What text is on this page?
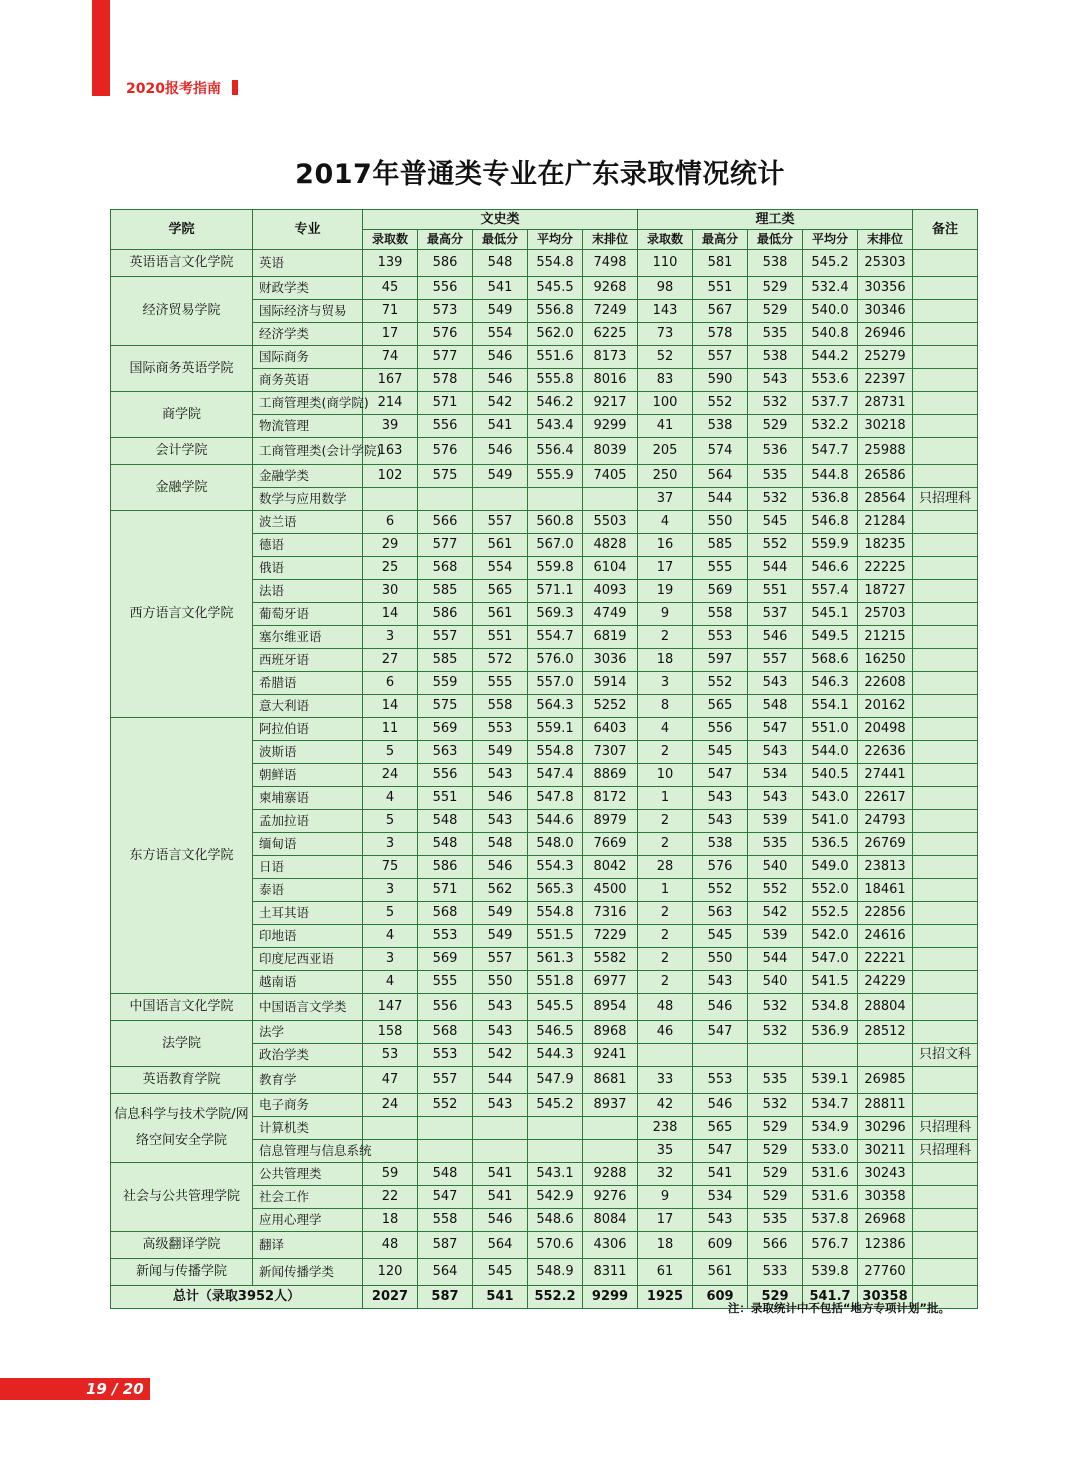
2020报考指南
2017年普通类专业在广东录取情况统计
学院	专业	文史类					理工类					备注
		录取数	最高分	最低分	平均分	末排位	录取数	最高分	最低分	平均分	末排位	
英语语言文化学院	英语	139	586	548	554.8	7498	110	581	538	545.2	25303	
经济贸易学院	财政学类	45	556	541	545.5	9268	98	551	529	532.4	30356	
	国际经济与贸易	71	573	549	556.8	7249	143	567	529	540.0	30346	
	经济学类	17	576	554	562.0	6225	73	578	535	540.8	26946	
国际商务英语学院	国际商务	74	577	546	551.6	8173	52	557	538	544.2	25279	
	商务英语	167	578	546	555.8	8016	83	590	543	553.6	22397	
商学院	工商管理类(商学院)	214	571	542	546.2	9217	100	552	532	537.7	28731	
	物流管理	39	556	541	543.4	9299	41	538	529	532.2	30218	
会计学院	工商管理类(会计学院)	163	576	546	556.4	8039	205	574	536	547.7	25988	
金融学院	金融学类	102	575	549	555.9	7405	250	564	535	544.8	26586	
	数学与应用数学						37	544	532	536.8	28564	只招理科
西方语言文化学院	波兰语	6	566	557	560.8	5503	4	550	545	546.8	21284	
	德语	29	577	561	567.0	4828	16	585	552	559.9	18235	
	俄语	25	568	554	559.8	6104	17	555	544	546.6	22225	
	法语	30	585	565	571.1	4093	19	569	551	557.4	18727	
	葡萄牙语	14	586	561	569.3	4749	9	558	537	545.1	25703	
	塞尔维亚语	3	557	551	554.7	6819	2	553	546	549.5	21215	
	西班牙语	27	585	572	576.0	3036	18	597	557	568.6	16250	
	希腊语	6	559	555	557.0	5914	3	552	543	546.3	22608	
	意大利语	14	575	558	564.3	5252	8	565	548	554.1	20162	
东方语言文化学院	阿拉伯语	11	569	553	559.1	6403	4	556	547	551.0	20498	
	波斯语	5	563	549	554.8	7307	2	545	543	544.0	22636	
	朝鲜语	24	556	543	547.4	8869	10	547	534	540.5	27441	
	柬埔寨语	4	551	546	547.8	8172	1	543	543	543.0	22617	
	孟加拉语	5	548	543	544.6	8979	2	543	539	541.0	24793	
	缅甸语	3	548	548	548.0	7669	2	538	535	536.5	26769	
	日语	75	586	546	554.3	8042	28	576	540	549.0	23813	
	泰语	3	571	562	565.3	4500	1	552	552	552.0	18461	
	土耳其语	5	568	549	554.8	7316	2	563	542	552.5	22856	
	印地语	4	553	549	551.5	7229	2	545	539	542.0	24616	
	印度尼西亚语	3	569	557	561.3	5582	2	550	544	547.0	22221	
	越南语	4	555	550	551.8	6977	2	543	540	541.5	24229	
中国语言文化学院	中国语言文学类	147	556	543	545.5	8954	48	546	532	534.8	28804	
法学院	法学	158	568	543	546.5	8968	46	547	532	536.9	28512	
	政治学类	53	553	542	544.3	9241						只招文科
英语教育学院	教育学	47	557	544	547.9	8681	33	553	535	539.1	26985	
信息科学与技术学院/网络空间安全学院	电子商务	24	552	543	545.2	8937	42	546	532	534.7	28811	
	计算机类						238	565	529	534.9	30296	只招理科
	信息管理与信息系统						35	547	529	533.0	30211	只招理科
社会与公共管理学院	公共管理类	59	548	541	543.1	9288	32	541	529	531.6	30243	
	社会工作	22	547	541	542.9	9276	9	534	529	531.6	30358	
	应用心理学	18	558	546	548.6	8084	17	543	535	537.8	26968	
高级翻译学院	翻译	48	587	564	570.6	4306	18	609	566	576.7	12386	
新闻与传播学院	新闻传播学类	120	564	545	548.9	8311	61	561	533	539.8	27760	
总计（录取3952人）		2027	587	541	552.2	9299	1925	609	529	541.7	30358	
注：录取统计中不包括“地方专项计划”批。
19 / 20
